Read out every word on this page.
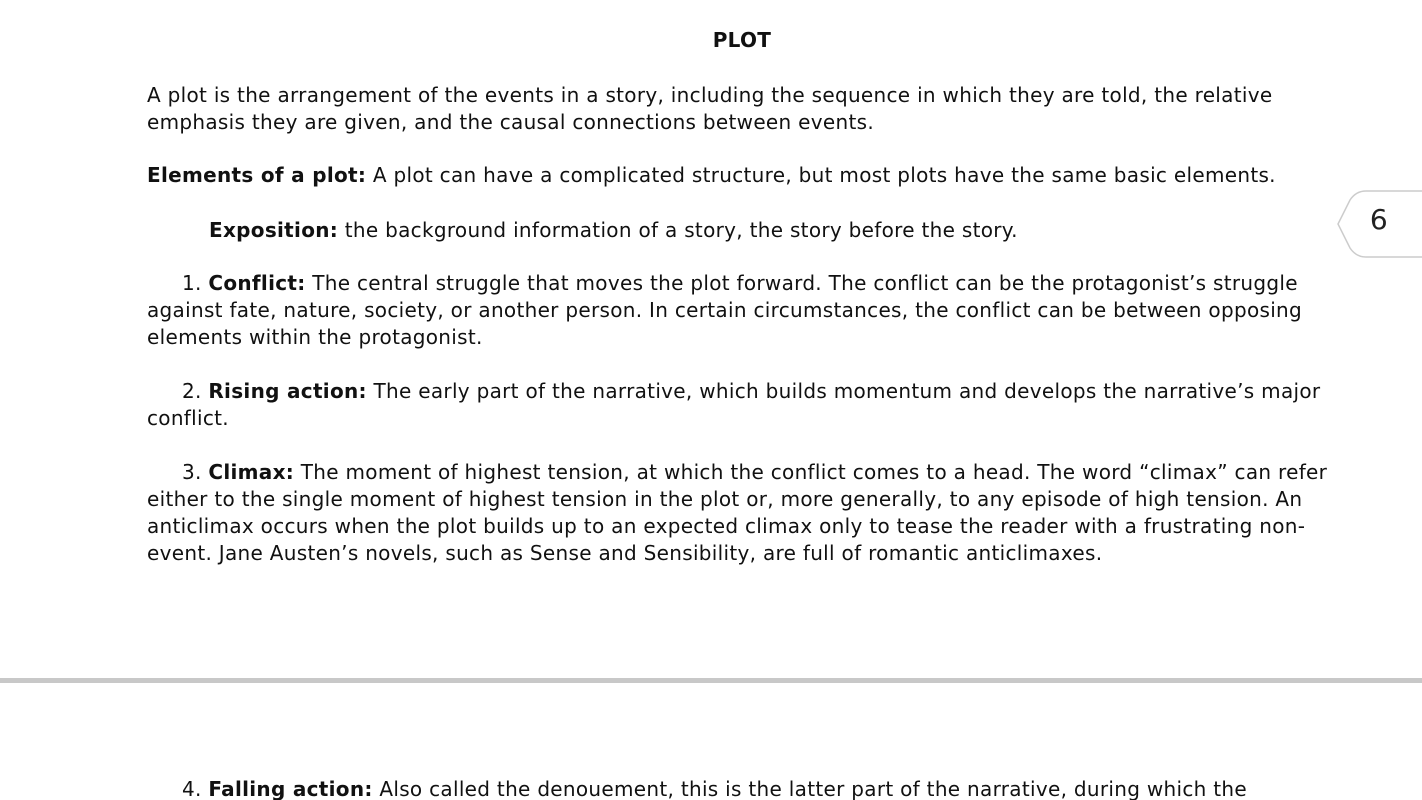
PLOT

A plot is the arrangement of the events in a story, including the sequence in which they are told, the relative emphasis they are given, and the causal connections between events.

Elements of a plot: A plot can have a complicated structure, but most plots have the same basic elements.

Exposition: the background information of a story, the story before the story.

1. Conflict: The central struggle that moves the plot forward. The conflict can be the protagonist’s struggle against fate, nature, society, or another person. In certain circumstances, the conflict can be between opposing elements within the protagonist.

2. Rising action: The early part of the narrative, which builds momentum and develops the narrative’s major conflict.

3. Climax: The moment of highest tension, at which the conflict comes to a head. The word “climax” can refer either to the single moment of highest tension in the plot or, more generally, to any episode of high tension. An anticlimax occurs when the plot builds up to an expected climax only to tease the reader with a frustrating non-event. Jane Austen’s novels, such as Sense and Sensibility, are full of romantic anticlimaxes.

6

4. Falling action: Also called the denouement, this is the latter part of the narrative, during which the
